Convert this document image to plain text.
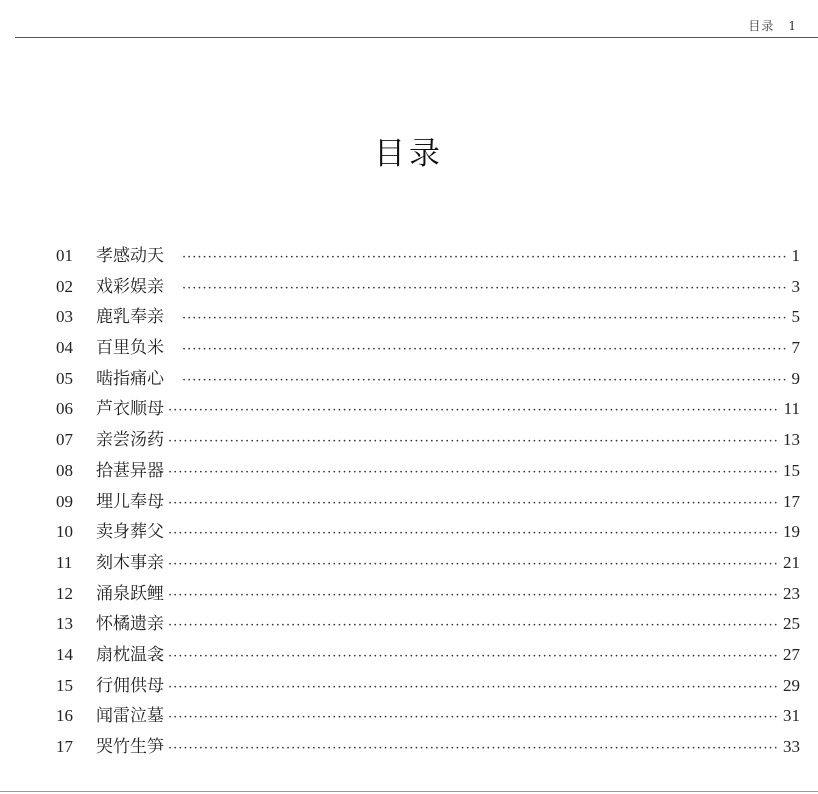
目录 1
目录
01	孝感动天 ·····	1
02	戏彩娱亲 ·····	3
03	鹿乳奉亲 ·····	5
04	百里负米 ·····	7
05	啮指痛心 ·····	9
06	芦衣顺母 ·····	11
07	亲尝汤药 ·····	13
08	拾葚异器 ·····	15
09	埋儿奉母 ·····	17
10	卖身葬父 ·····	19
11	刻木事亲 ·····	21
12	涌泉跃鲤 ·····	23
13	怀橘遗亲 ·····	25
14	扇枕温衾 ·····	27
15	行佣供母 ·····	29
16	闻雷泣墓 ·····	31
17	哭竹生笋 ·····	33
